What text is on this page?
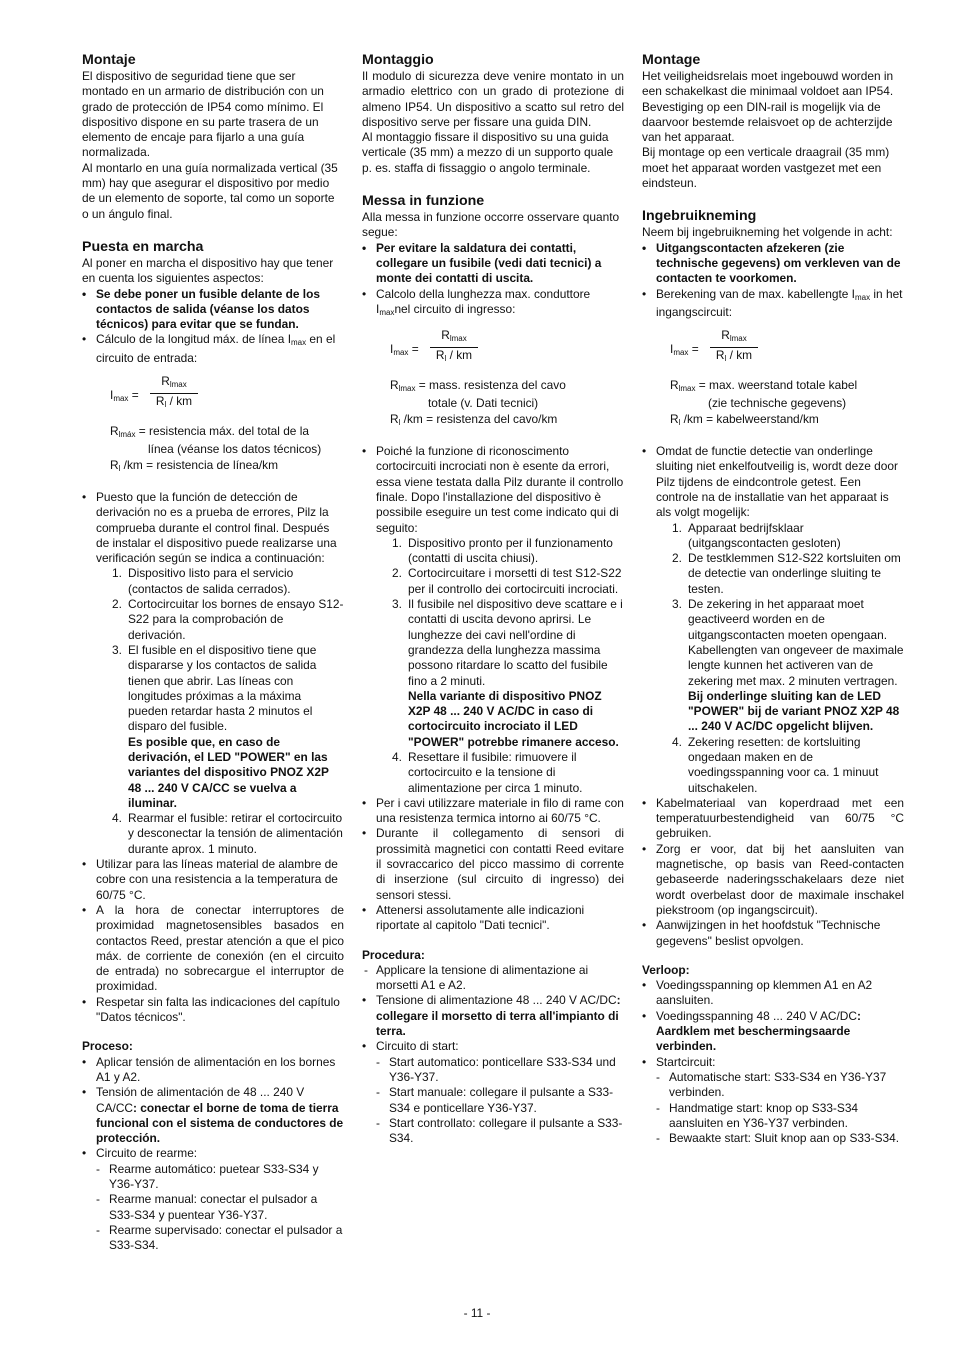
Montaje

El dispositivo de seguridad tiene que ser montado en un armario de distribución con un grado de protección de IP54 como mínimo. El dispositivo dispone en su parte trasera de un elemento de encaje para fijarlo a una guía normalizada.

Al montarlo en una guía normalizada vertical (35 mm) hay que asegurar el dispositivo por medio de un elemento de soporte, tal como un soporte o un ángulo final.

Puesta en marcha

Al poner en marcha el dispositivo hay que tener en cuenta los siguientes aspectos:

• Se debe poner un fusible delante de los contactos de salida (véanse los datos técnicos) para evitar que se fundan.
• Cálculo de la longitud máx. de línea $I_{max}$ en el circuito de entrada:
$I_{max}$ =
$R_{lmax}$
$R_l$ / km
$R_{lmáx}$ = resistencia máx. del total de la
línea (véanse los datos técnicos)
$R_l$ /km = resistencia de línea/km
• Puesto que la función de detección de derivación no es a prueba de errores, Pilz la comprueba durante el control final. Después de instalar el dispositivo puede realizarse una verificación según se indica a continuación:
1. Dispositivo listo para el servicio (contactos de salida cerrados).
2. Cortocircuitar los bornes de ensayo S12-S22 para la comprobación de derivación.
3. El fusible en el dispositivo tiene que dispararse y los contactos de salida tienen que abrir. Las líneas con longitudes próximas a la máxima pueden retardar hasta 2 minutos el disparo del fusible.
Es posible que, en caso de derivación, el LED "POWER" en las variantes del dispositivo PNOZ X2P 48 ... 240 V CA/CC se vuelva a iluminar.
4. Rearmar el fusible: retirar el cortocircuito y desconectar la tensión de alimentación durante aprox. 1 minuto.
• Utilizar para las líneas material de alambre de cobre con una resistencia a la temperatura de 60/75 °C.
• A la hora de conectar interruptores de proximidad magnetosensibles basados en contactos Reed, prestar atención a que el pico máx. de corriente de conexión (en el circuito de entrada) no sobrecargue el interruptor de proximidad.
• Respetar sin falta las indicaciones del capítulo "Datos técnicos".

Proceso:

• Aplicar tensión de alimentación en los bornes A1 y A2.
• Tensión de alimentación de 48 ... 240 V CA/CC: conectar el borne de toma de tierra funcional con el sistema de conductores de protección.
• Circuito de rearme:
- Rearme automático: puetear S33-S34 y Y36-Y37.
- Rearme manual: conectar el pulsador a S33-S34 y puentear Y36-Y37.
- Rearme supervisado: conectar el pulsador a S33-S34.
Montaggio

Il modulo di sicurezza deve venire montato in un armadio elettrico con un grado di protezione di almeno IP54. Un dispositivo a scatto sul retro del dispositivo serve per fissare una guida DIN.

Al montaggio fissare il dispositivo su una guida verticale (35 mm) a mezzo di un supporto quale p. es. staffa di fissaggio o angolo terminale.

Messa in funzione

Alla messa in funzione occorre osservare quanto segue:

• Per evitare la saldatura dei contatti, collegare un fusibile (vedi dati tecnici) a monte dei contatti di uscita.
• Calcolo della lunghezza max. conduttore $I_{max}nel$ circuito di ingresso:
$I_{max}$ =
$R_{lmax}$
$R_l$ / km
$R_{lmax}$ = mass. resistenza del cavo
totale (v. Dati tecnici)
$R_l$ /km = resistenza del cavo/km
• Poiché la funzione di riconoscimento cortocircuiti incrociati non è esente da errori, essa viene testata dalla Pilz durante il controllo finale. Dopo l'installazione del dispositivo è possibile eseguire un test come indicato qui di seguito:
1. Dispositivo pronto per il funzionamento (contatti di uscita chiusi).
2. Cortocircuitare i morsetti di test S12-S22 per il controllo dei cortocircuiti incrociati.
3. Il fusibile nel dispositivo deve scattare e i contatti di uscita devono aprirsi. Le lunghezze dei cavi nell'ordine di grandezza della lunghezza massima possono ritardare lo scatto del fusibile fino a 2 minuti.
Nella variante di dispositivo PNOZ X2P 48 ... 240 V AC/DC in caso di cortocircuito incrociato il LED "POWER" potrebbe rimanere acceso.
4. Resettare il fusibile: rimuovere il cortocircuito e la tensione di alimentazione per circa 1 minuto.
• Per i cavi utilizzare materiale in filo di rame con una resistenza termica intorno ai 60/75 °C.
• Durante il collegamento di sensori di prossimità magnetici con contatti Reed evitare il sovraccarico del picco massimo di corrente di inserzione (sul circuito di ingresso) dei sensori stessi.
• Attenersi assolutamente alle indicazioni riportate al capitolo "Dati tecnici".

Procedura:

- Applicare la tensione di alimentazione ai morsetti A1 e A2.
• Tensione di alimentazione 48 ... 240 V AC/DC: collegare il morsetto di terra all'impianto di terra.
• Circuito di start:
- Start automatico: ponticellare S33-S34 und Y36-Y37.
- Start manuale: collegare il pulsante a S33-S34 e ponticellare Y36-Y37.
- Start controllato: collegare il pulsante a S33-S34.
Montage

Het veiligheidsrelais moet ingebouwd worden in een schakelkast die minimaal voldoet aan IP54. Bevestiging op een DIN-rail is mogelijk via de daarvoor bestemde relaisvoet op de achterzijde van het apparaat.

Bij montage op een verticale draagrail (35 mm) moet het apparaat worden vastgezet met een eindsteun.

Ingebruikneming

Neem bij ingebruikneming het volgende in acht:

• Uitgangscontacten afzekeren (zie technische gegevens) om verkleven van de contacten te voorkomen.
• Berekening van de max. kabellengte $I_{max}$ in het ingangscircuit:
$I_{max}$ =
$R_{lmax}$
$R_l$ / km
$R_{lmax} = \max$. weerstand totale kabel
(zie technische gegevens)
$R_l$ /km = kabelweerstand/km
• Omdat de functie detectie van onderlinge sluiting niet enkelfoutveilig is, wordt deze door Pilz tijdens de eindcontrole getest. Een controle na de installatie van het apparaat is als volgt mogelijk:
1. Apparaat bedrijfsklaar (uitgangscontacten gesloten)
2. De testklemmen S12-S22 kortsluiten om de detectie van onderlinge sluiting te testen.
3. De zekering in het apparaat moet geactiveerd worden en de uitgangscontacten moeten opengaan. Kabellengten van ongeveer de maximale lengte kunnen het activeren van de zekering met max. 2 minuten vertragen.
Bij onderlinge sluiting kan de LED "POWER" bij de variant PNOZ X2P 48 ... 240 V AC/DC opgelicht blijven.
4. Zekering resetten: de kortsluiting ongedaan maken en de voedingsspanning voor ca. 1 minuut uitschakelen.
• Kabelmateriaal van koperdraad met een temperatuurbestendigheid van 60/75 °C gebruiken.
• Zorg er voor, dat bij het aansluiten van magnetische, op basis van Reed-contacten gebaseerde naderingsschakelaars deze niet wordt overbelast door de maximale inschakel piekstroom (op ingangscircuit).
• Aanwijzingen in het hoofdstuk "Technische gegevens" beslist opvolgen.

Verloop:

• Voedingsspanning op klemmen A1 en A2 aansluiten.
• Voedingsspanning 48 ... 240 V AC/DC: Aardklem met beschermingsaarde verbinden.
• Startcircuit:
- Automatische start: S33-S34 en Y36-Y37 verbinden.
- Handmatige start: knop op S33-S34 aansluiten en Y36-Y37 verbinden.
- Bewaakte start: Sluit knop aan op S33-S34.
- 11 -
